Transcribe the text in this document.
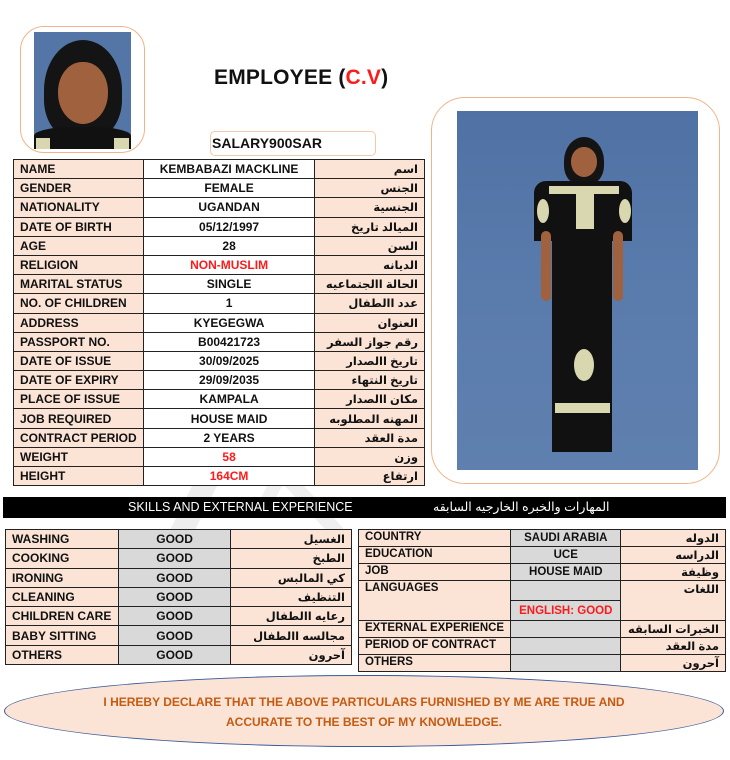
EMPLOYEE (C.V)
SALARY900SAR
NAME	KEMBABAZI MACKLINE	اسم
GENDER	FEMALE	الجنس
NATIONALITY	UGANDAN	الجنسية
DATE OF BIRTH	05/12/1997	الميالد تاريخ
AGE	28	السن
RELIGION	NON-MUSLIM	الديانه
MARITAL STATUS	SINGLE	الحالة االجتماعيه
NO. OF CHILDREN	1	عدد االطفال
ADDRESS	KYEGEGWA	العنوان
PASSPORT NO.	B00421723	رقم جواز السفر
DATE OF ISSUE	30/09/2025	تاريخ االصدار
DATE OF EXPIRY	29/09/2035	تاريخ النتهاء
PLACE OF ISSUE	KAMPALA	مكان االصدار
JOB REQUIRED	HOUSE MAID	المهنه المطلوبه
CONTRACT PERIOD	2 YEARS	مدة العقد
WEIGHT	58	وزن
HEIGHT	164CM	ارتفاع
SKILLS AND EXTERNAL EXPERIENCE	المهارات والخبره الخارجيه السابقه
WASHING	GOOD	الغسيل
COOKING	GOOD	الطبخ
IRONING	GOOD	كي المالبس
CLEANING	GOOD	التنظيف
CHILDREN CARE	GOOD	رعايه االطفال
BABY SITTING	GOOD	مجالسه االطفال
OTHERS	GOOD	آحرون
COUNTRY	SAUDI ARABIA	الدوله
EDUCATION	UCE	الدراسه
JOB	HOUSE MAID	وظيفة
LANGUAGES		اللغات
	ENGLISH: GOOD	
EXTERNAL EXPERIENCE		الخبرات السابقه
PERIOD OF CONTRACT		مدة العقد
OTHERS		آحرون
I HEREBY DECLARE THAT THE ABOVE PARTICULARS FURNISHED BY ME ARE TRUE AND
ACCURATE TO THE BEST OF MY KNOWLEDGE.
